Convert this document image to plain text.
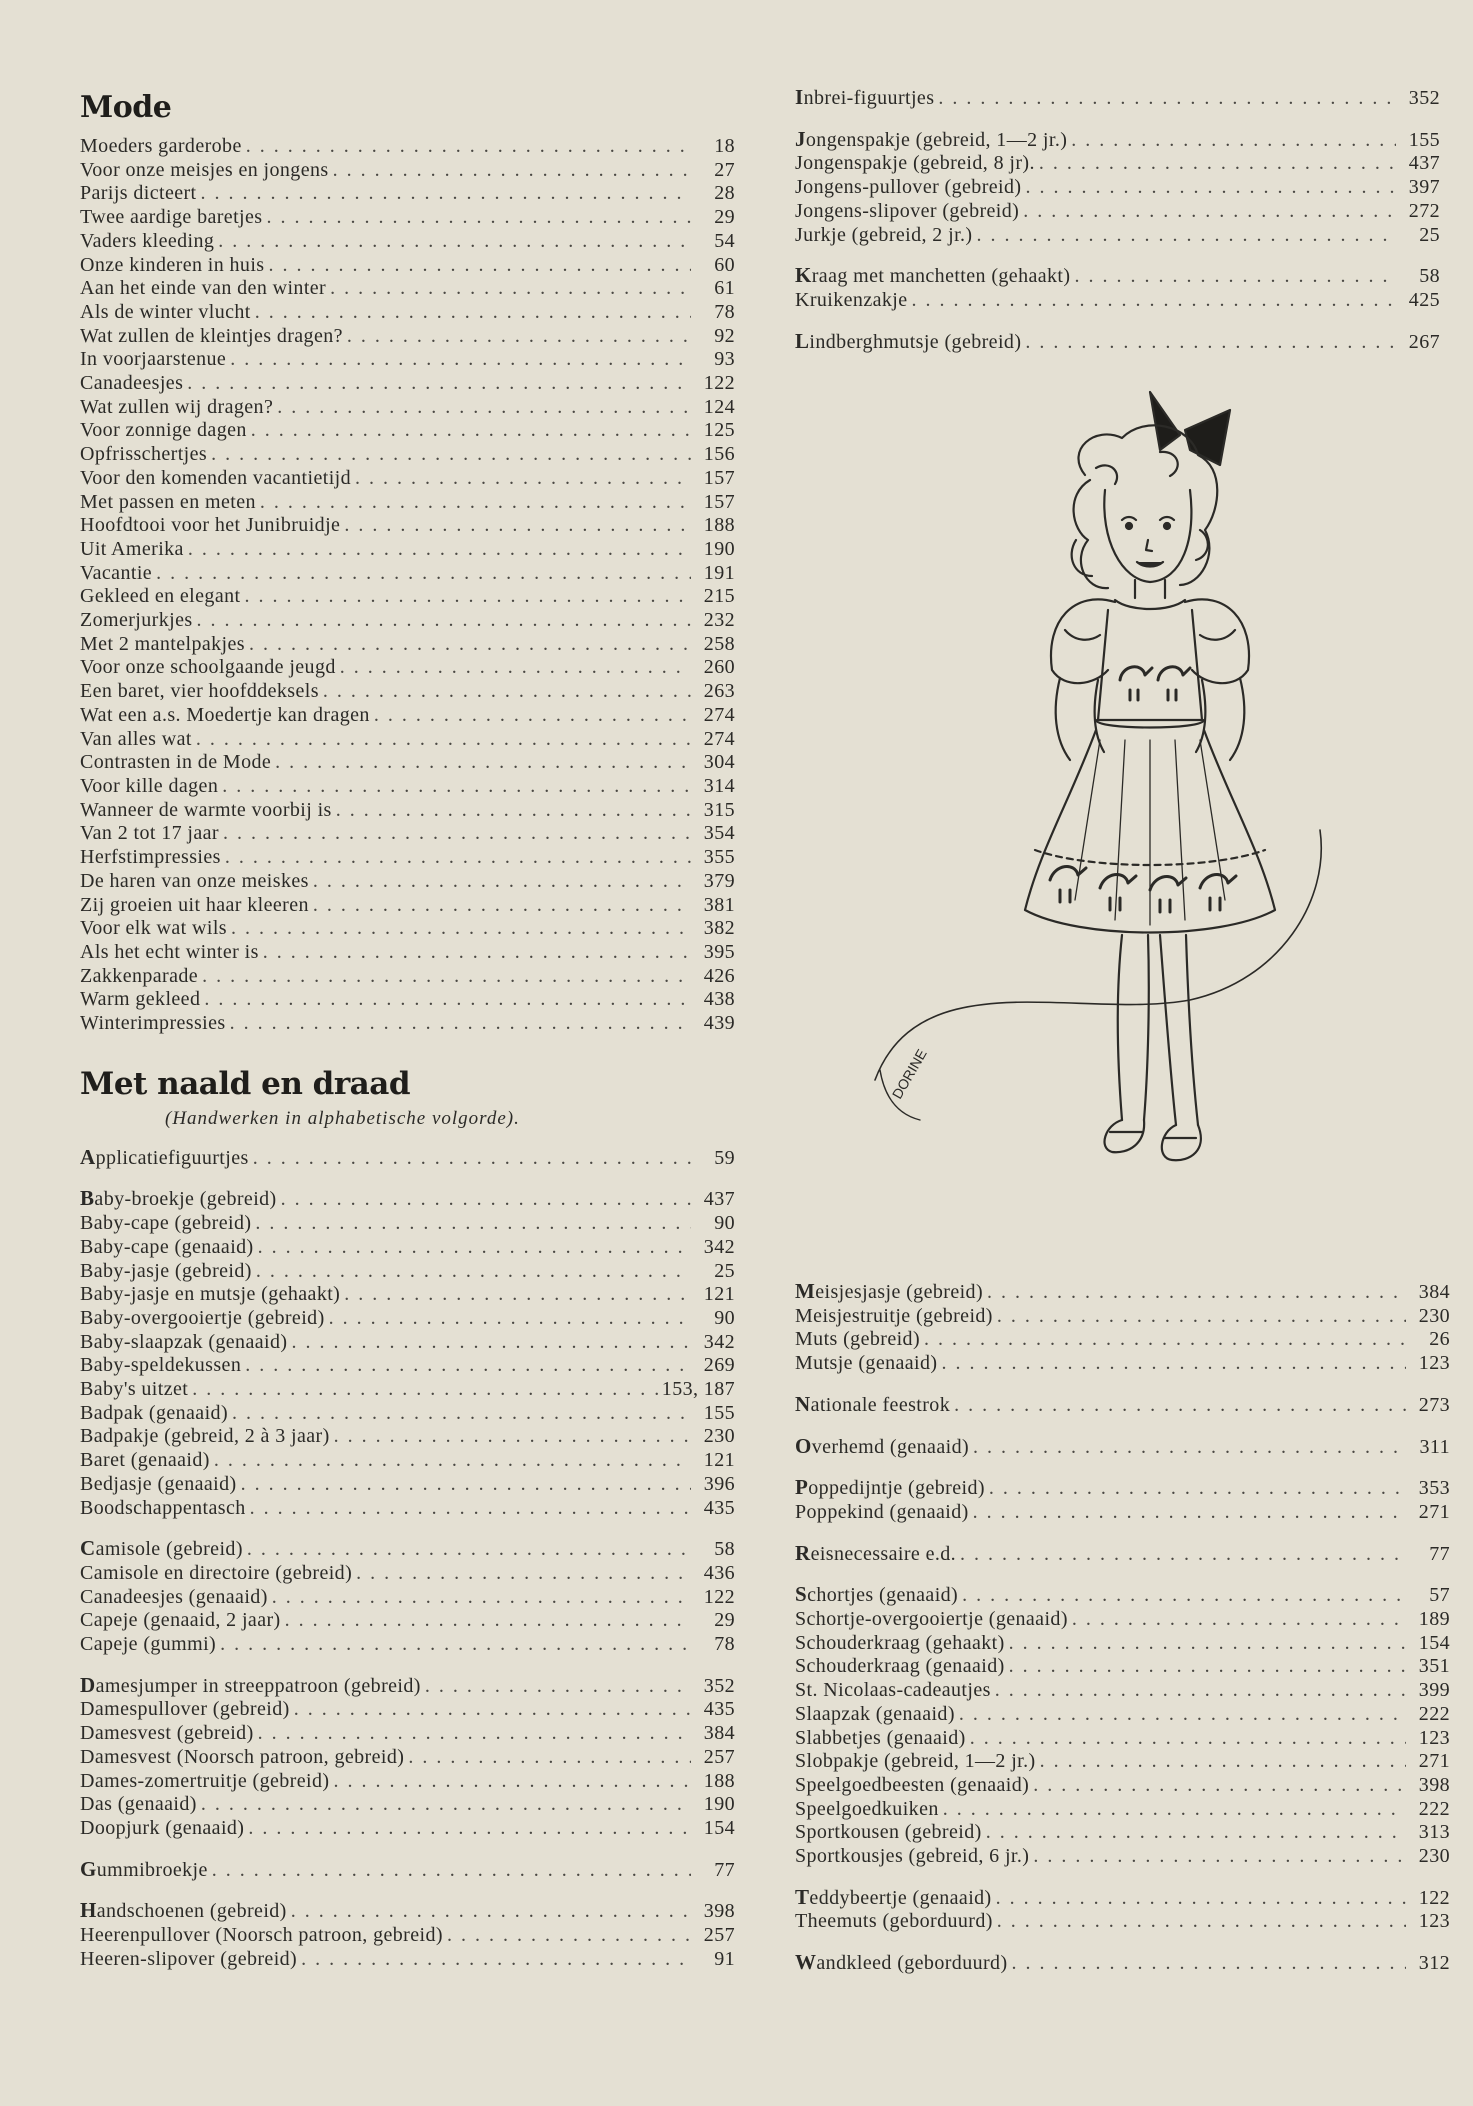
Mode
Moeders garderobe . . .	18
Voor onze meisjes en jongens . . .	27
Parijs dicteert . . .	28
Twee aardige baretjes . . .	29
Vaders kleeding . . .	54
Onze kinderen in huis . . .	60
Aan het einde van den winter . . .	61
Als de winter vlucht . . .	78
Wat zullen de kleintjes dragen? . . .	92
In voorjaarstenue . . .	93
Canadeesjes . . .	122
Wat zullen wij dragen? . . .	124
Voor zonnige dagen . . .	125
Opfrisschertjes . . .	156
Voor den komenden vacantietijd . . .	157
Met passen en meten . . .	157
Hoofdtooi voor het Junibruidje . . .	188
Uit Amerika . . .	190
Vacantie . . .	191
Gekleed en elegant . . .	215
Zomerjurkjes . . .	232
Met 2 mantelpakjes . . .	258
Voor onze schoolgaande jeugd . . .	260
Een baret, vier hoofddeksels . . .	263
Wat een a.s. Moedertje kan dragen . . .	274
Van alles wat . . .	274
Contrasten in de Mode . . .	304
Voor kille dagen . . .	314
Wanneer de warmte voorbij is . . .	315
Van 2 tot 17 jaar . . .	354
Herfstimpressies . . .	355
De haren van onze meiskes . . .	379
Zij groeien uit haar kleeren . . .	381
Voor elk wat wils . . .	382
Als het echt winter is . . .	395
Zakkenparade . . .	426
Warm gekleed . . .	438
Winterimpressies . . .	439
Met naald en draad
(Handwerken in alphabetische volgorde).
Applicatiefiguurtjes . . .	59
Baby-broekje (gebreid) . . .	437
Baby-cape (gebreid) . . .	90
Baby-cape (genaaid) . . .	342
Baby-jasje (gebreid) . . .	25
Baby-jasje en mutsje (gehaakt) . . .	121
Baby-overgooiertje (gebreid) . . .	90
Baby-slaapzak (genaaid) . . .	342
Baby-speldekussen . . .	269
Baby's uitzet . . .	153, 187
Badpak (genaaid) . . .	155
Badpakje (gebreid, 2 à 3 jaar) . . .	230
Baret (genaaid) . . .	121
Bedjasje (genaaid) . . .	396
Boodschappentasch . . .	435
Camisole (gebreid) . . .	58
Camisole en directoire (gebreid) . . .	436
Canadeesjes (genaaid) . . .	122
Capeje (genaaid, 2 jaar) . . .	29
Capeje (gummi) . . .	78
Damesjumper in streeppatroon (gebreid) . . .	352
Damespullover (gebreid) . . .	435
Damesvest (gebreid) . . .	384
Damesvest (Noorsch patroon, gebreid) . . .	257
Dames-zomertruitje (gebreid) . . .	188
Das (genaaid) . . .	190
Doopjurk (genaaid) . . .	154
Gummibroekje . . .	77
Handschoenen (gebreid) . . .	398
Heerenpullover (Noorsch patroon, gebreid) . . .	257
Heeren-slipover (gebreid) . . .	91
Inbrei-figuurtjes . . .	352
Jongenspakje (gebreid, 1—2 jr.) . . .	155
Jongenspakje (gebreid, 8 jr). . . .	437
Jongens-pullover (gebreid) . . .	397
Jongens-slipover (gebreid) . . .	272
Jurkje (gebreid, 2 jr.) . . .	25
Kraag met manchetten (gehaakt) . . .	58
Kruikenzakje . . .	425
Lindberghmutsje (gebreid) . . .	267
DORINE
Meisjesjasje (gebreid) . . .	384
Meisjestruitje (gebreid) . . .	230
Muts (gebreid) . . .	26
Mutsje (genaaid) . . .	123
Nationale feestrok . . .	273
Overhemd (genaaid) . . .	311
Poppedijntje (gebreid) . . .	353
Poppekind (genaaid) . . .	271
Reisnecessaire e.d. . . .	77
Schortjes (genaaid) . . .	57
Schortje-overgooiertje (genaaid) . . .	189
Schouderkraag (gehaakt) . . .	154
Schouderkraag (genaaid) . . .	351
St. Nicolaas-cadeautjes . . .	399
Slaapzak (genaaid) . . .	222
Slabbetjes (genaaid) . . .	123
Slobpakje (gebreid, 1—2 jr.) . . .	271
Speelgoedbeesten (genaaid) . . .	398
Speelgoedkuiken . . .	222
Sportkousen (gebreid) . . .	313
Sportkousjes (gebreid, 6 jr.) . . .	230
Teddybeertje (genaaid) . . .	122
Theemuts (geborduurd) . . .	123
Wandkleed (geborduurd) . . .	312
